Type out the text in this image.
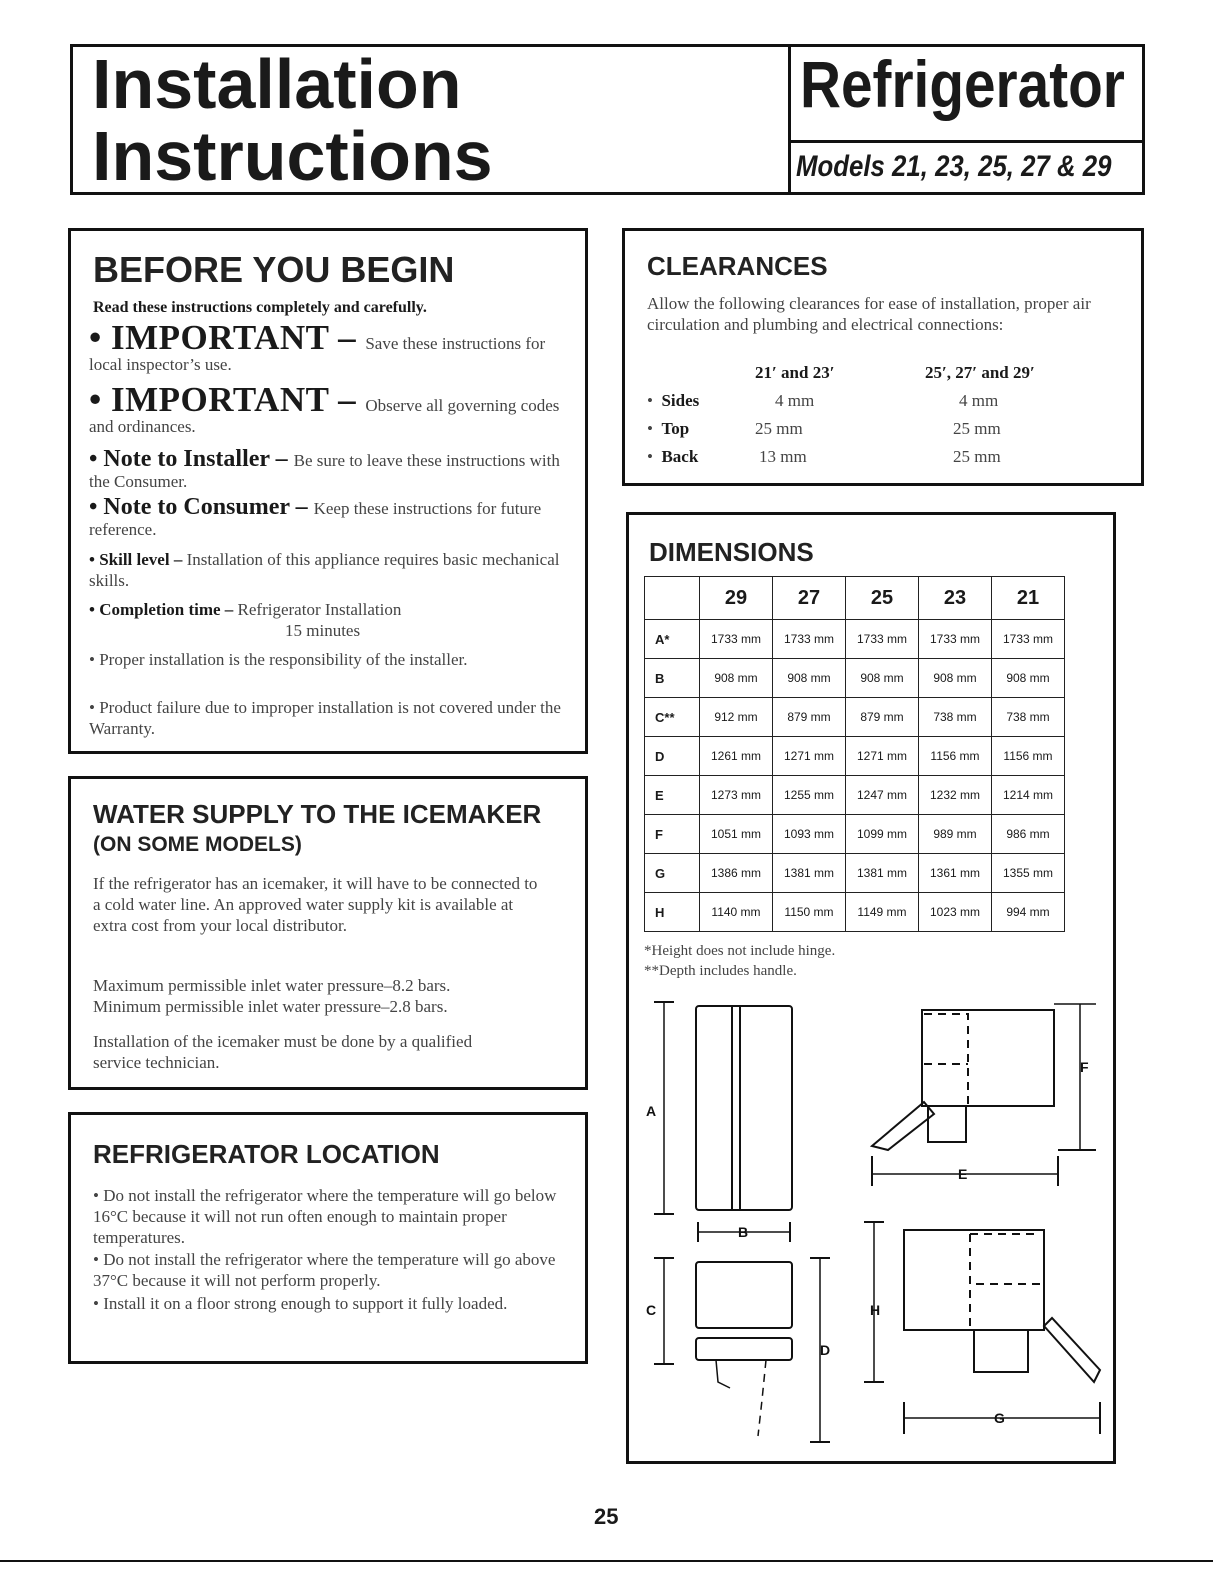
Installation
Instructions
Refrigerator
Models 21, 23, 25, 27 & 29
BEFORE YOU BEGIN
Read these instructions completely and carefully.
• IMPORTANT – Save these instructions for local inspector’s use.
• IMPORTANT – Observe all governing codes and ordinances.
• Note to Installer – Be sure to leave these instructions with the Consumer.
• Note to Consumer – Keep these instructions for future reference.
• Skill level – Installation of this appliance requires basic mechanical skills.
• Completion time – Refrigerator Installation
15 minutes
• Proper installation is the responsibility of the installer.
• Product failure due to improper installation is not covered under the Warranty.
WATER SUPPLY TO THE ICEMAKER
(ON SOME MODELS)
If the refrigerator has an icemaker, it will have to be connected to a cold water line. An approved water supply kit is available at extra cost from your local distributor.
Maximum permissible inlet water pressure–8.2 bars.
Minimum permissible inlet water pressure–2.8 bars.
Installation of the icemaker must be done by a qualified service technician.
REFRIGERATOR LOCATION
• Do not install the refrigerator where the temperature will go below 16°C because it will not run often enough to maintain proper temperatures.
• Do not install the refrigerator where the temperature will go above 37°C because it will not perform properly.
• Install it on a floor strong enough to support it fully loaded.
CLEARANCES
Allow the following clearances for ease of installation, proper air circulation and plumbing and electrical connections:
21′ and 23′	25′, 27′ and 29′
•  Sides	4 mm	4 mm
•  Top	25 mm	25 mm
•  Back	13 mm	25 mm
DIMENSIONS
	29	27	25	23	21
A*	1733 mm	1733 mm	1733 mm	1733 mm	1733 mm
B	908 mm	908 mm	908 mm	908 mm	908 mm
C**	912 mm	879 mm	879 mm	738 mm	738 mm
D	1261 mm	1271 mm	1271 mm	1156 mm	1156 mm
E	1273 mm	1255 mm	1247 mm	1232 mm	1214 mm
F	1051 mm	1093 mm	1099 mm	989 mm	986 mm
G	1386 mm	1381 mm	1381 mm	1361 mm	1355 mm
H	1140 mm	1150 mm	1149 mm	1023 mm	994 mm
*Height does not include hinge.
**Depth includes handle.
A
B
C
D
E
F
G
H
25
